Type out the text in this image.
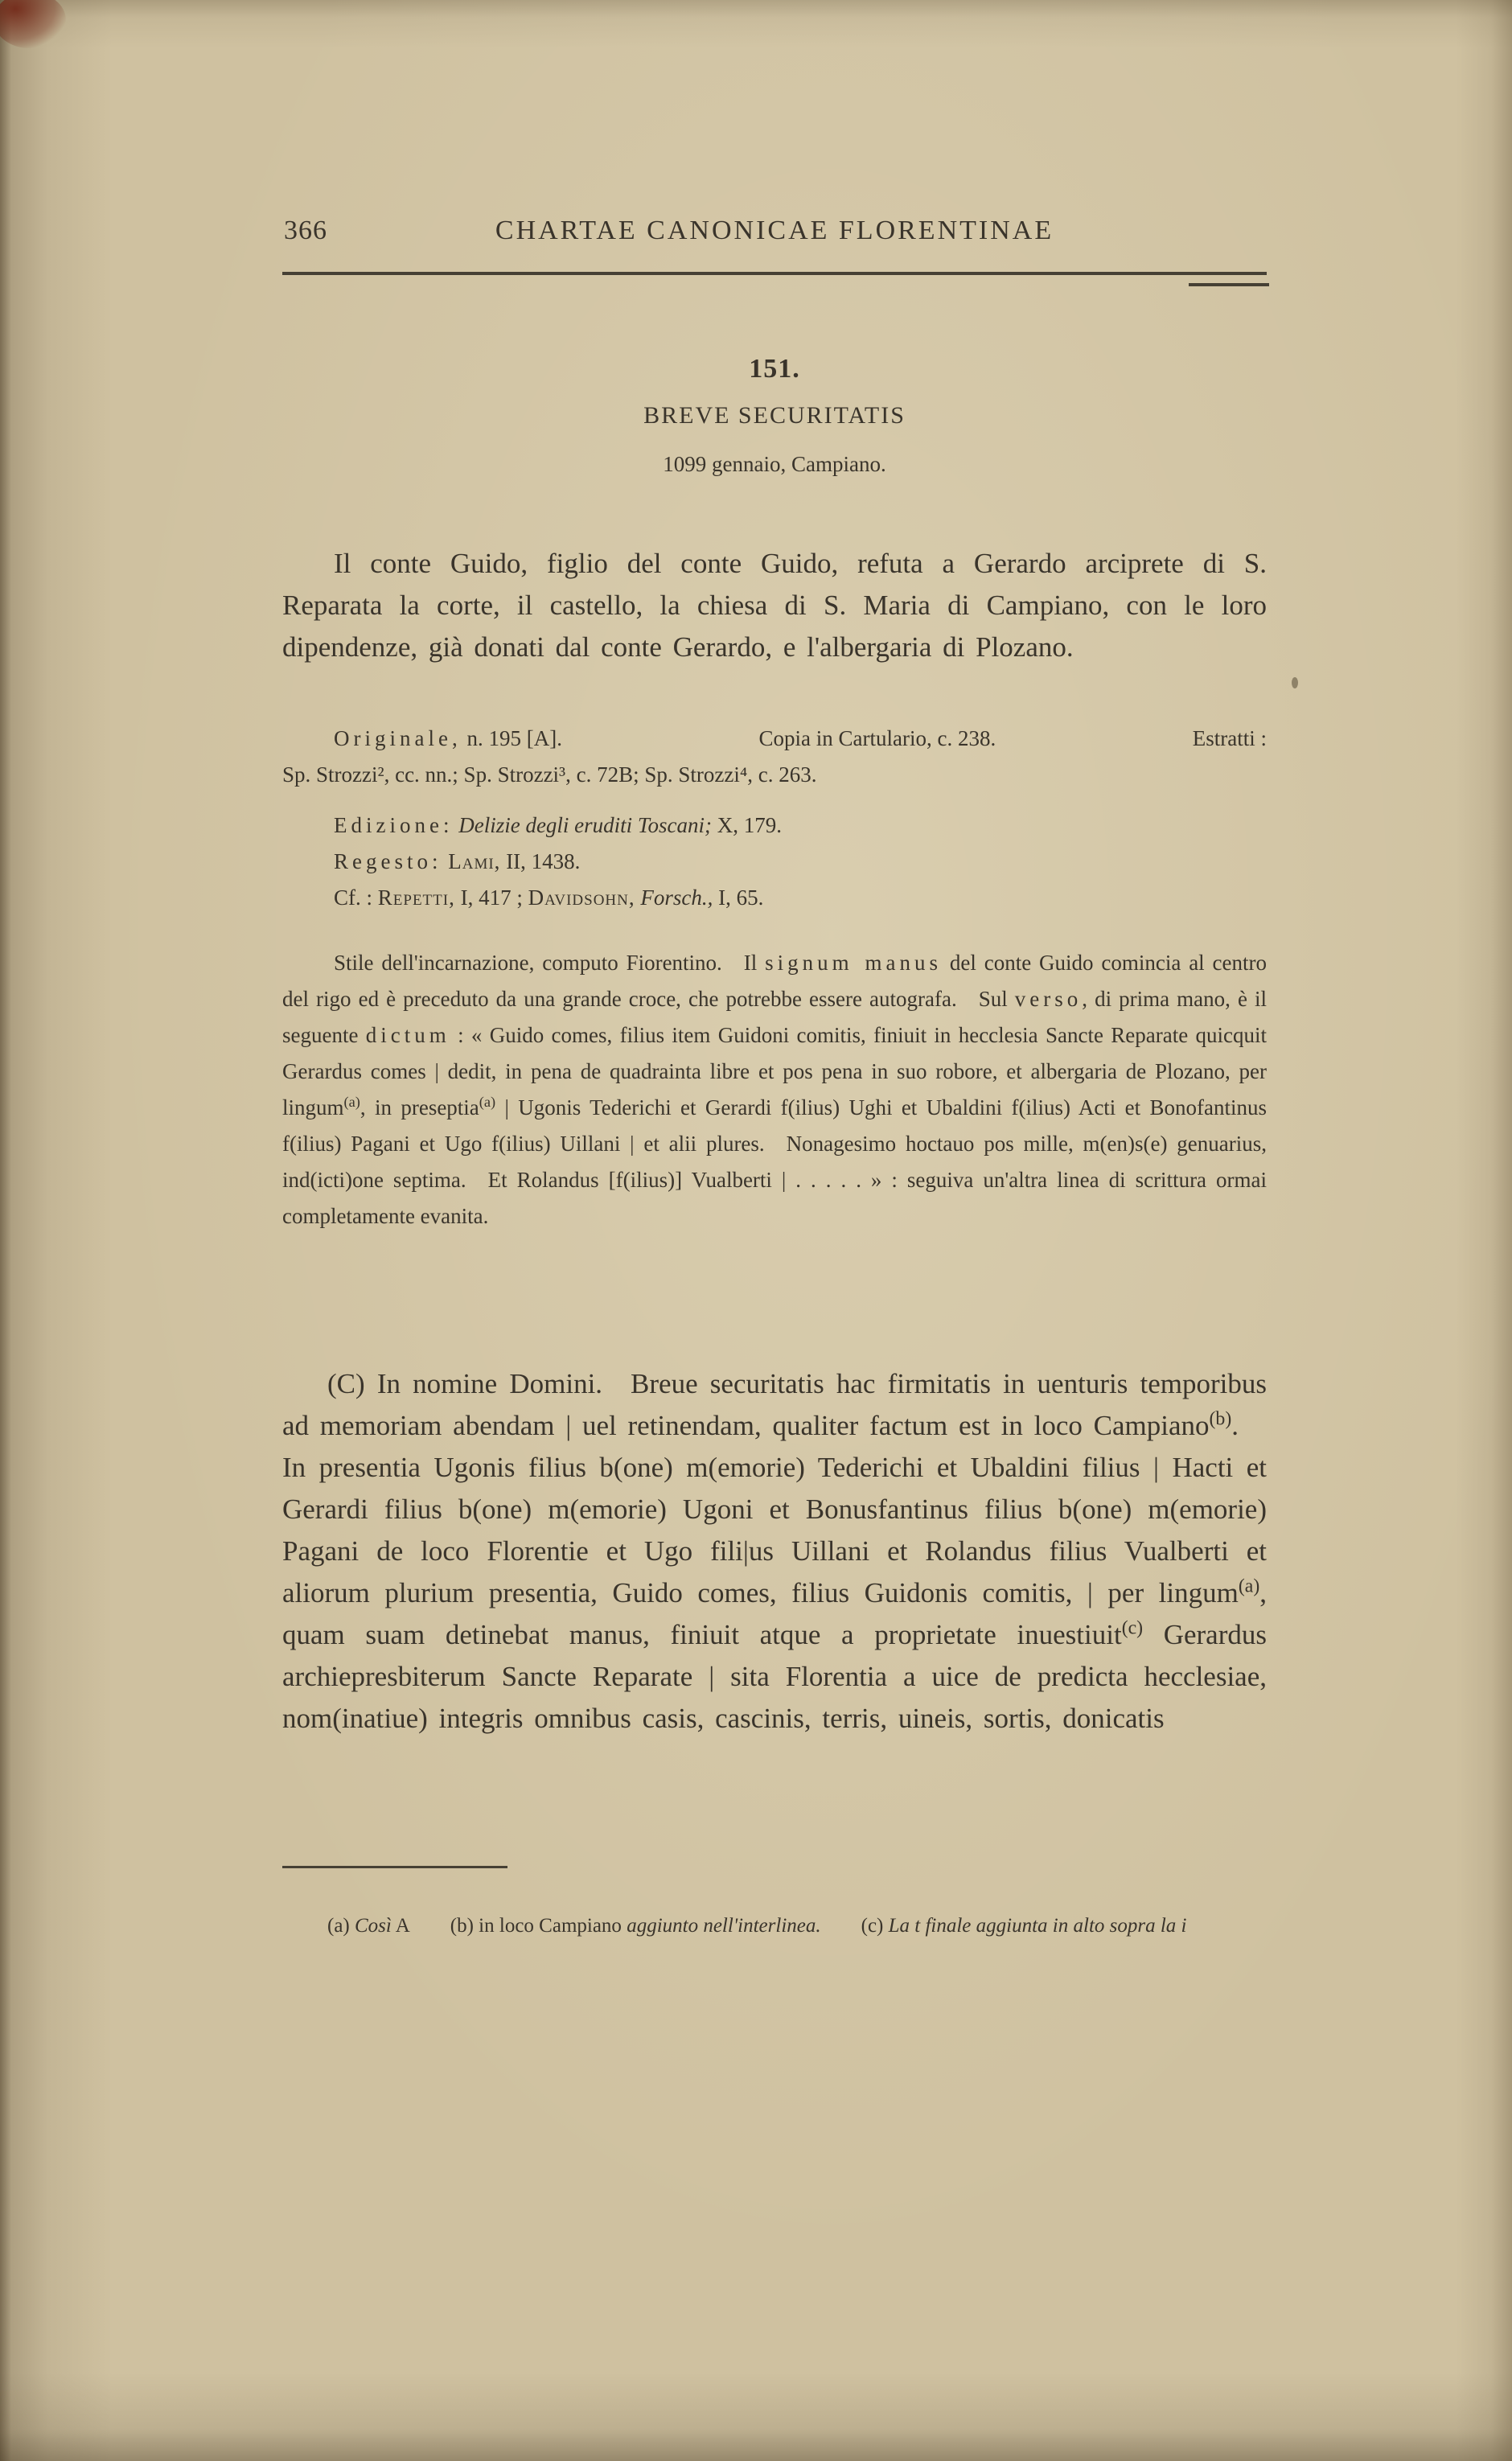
366	CHARTAE CANONICAE FLORENTINAE
151.
BREVE SECURITATIS
1099 gennaio, Campiano.

Il conte Guido, figlio del conte Guido, refuta a Gerardo arciprete di S. Reparata la corte, il castello, la chiesa di S. Maria di Campiano, con le loro dipendenze, già donati dal conte Gerardo, e l'albergaria di Plozano.

Originale, n. 195 [A].	Copia in Cartulario, c. 238.	Estratti :
Sp. Strozzi², cc. nn.; Sp. Strozzi³, c. 72B; Sp. Strozzi⁴, c. 263.
Edizione: Delizie degli eruditi Toscani; X, 179.
Regesto: Lami, II, 1438.
Cf. : Repetti, I, 417 ; Davidsohn, Forsch., I, 65.

Stile dell'incarnazione, computo Fiorentino. Il signum manus del conte Guido comincia al centro del rigo ed è preceduto da una grande croce, che potrebbe essere autografa. Sul verso, di prima mano, è il seguente dictum : « Guido comes, filius item Guidoni comitis, finiuit in hecclesia Sancte Reparate quicquit Gerardus comes | dedit, in pena de quadrainta libre et pos pena in suo robore, et albergaria de Plozano, per lingum$^{(a)}$, in preseptia$^{(a)}$ | Ugonis Tederichi et Gerardi f(ilius) Ughi et Ubaldini f(ilius) Acti et Bonofantinus f(ilius) Pagani et Ugo f(ilius) Uillani | et alii plures. Nonagesimo hoctauo pos mille, m(en)s(e) genuarius, ind(icti)one septima. Et Rolandus [f(ilius)] Vualberti | . . . . . » : seguiva un'altra linea di scrittura ormai completamente evanita.

(C) In nomine Domini. Breue securitatis hac firmitatis in uenturis temporibus ad memoriam abendam | uel retinendam, qualiter factum est in loco Campiano$^{(b)}$. In presentia Ugonis filius b(one) m(emorie) Tederichi et Ubaldini filius | Hacti et Gerardi filius b(one) m(emorie) Ugoni et Bonusfantinus filius b(one) m(emorie) Pagani de loco Florentie et Ugo fili|us Uillani et Rolandus filius Vualberti et aliorum plurium presentia, Guido comes, filius Guidonis comitis, | per lingum$^{(a)}$, quam suam detinebat manus, finiuit atque a proprietate inuestiuit$^{(c)}$ Gerardus archiepresbiterum Sancte Reparate | sita Florentia a uice de predicta hecclesiae, nom(inatiue) integris omnibus casis, cascinis, terris, uineis, sortis, donicatis

(a) Così A  (b) in loco Campiano aggiunto nell'interlinea.  (c) La t finale aggiunta in alto sopra la i
